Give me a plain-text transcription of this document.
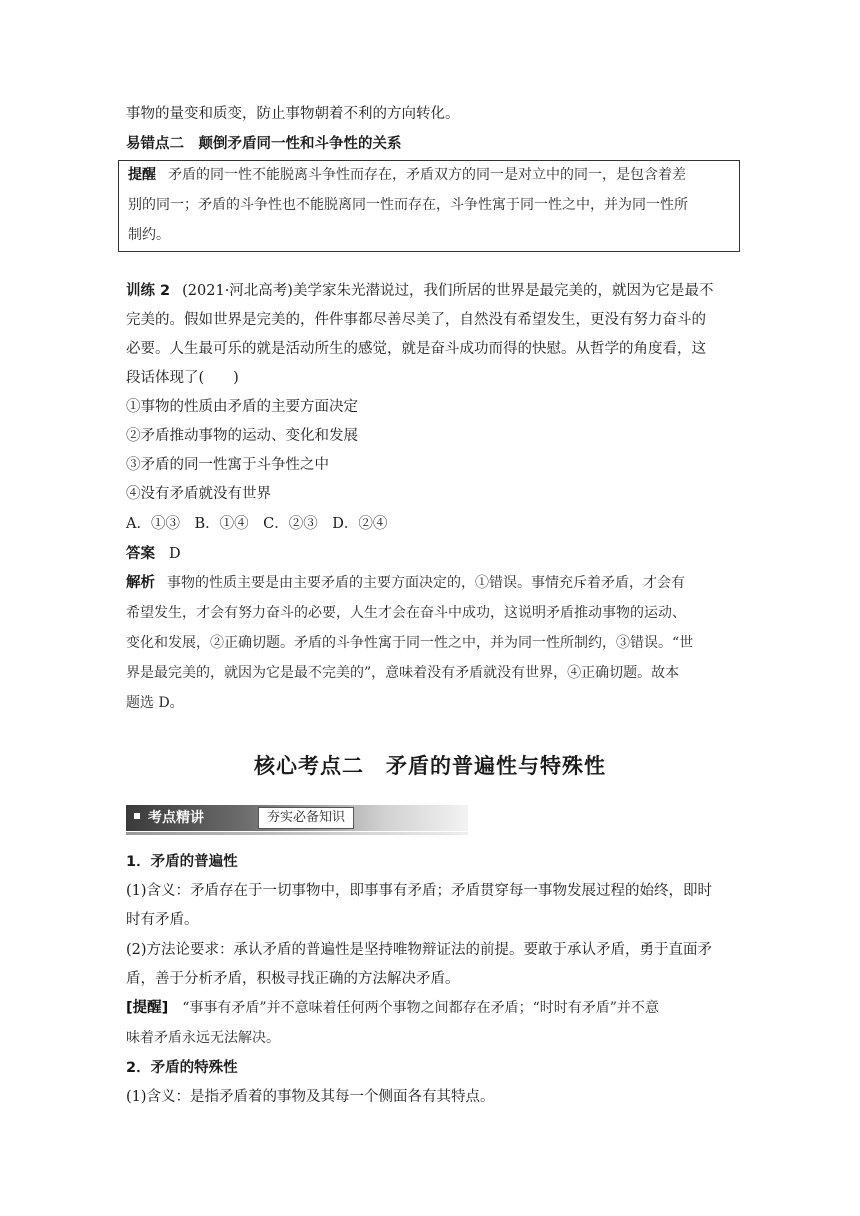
事物的量变和质变，防止事物朝着不利的方向转化。
易错点二　颠倒矛盾同一性和斗争性的关系
提醒 矛盾的同一性不能脱离斗争性而存在，矛盾双方的同一是对立中的同一，是包含着差
别的同一；矛盾的斗争性也不能脱离同一性而存在，斗争性寓于同一性之中，并为同一性所
制约。
训练 2 (2021·河北高考)美学家朱光潜说过，我们所居的世界是最完美的，就因为它是最不
完美的。假如世界是完美的，件件事都尽善尽美了，自然没有希望发生，更没有努力奋斗的
必要。人生最可乐的就是活动所生的感觉，就是奋斗成功而得的快慰。从哲学的角度看，这
段话体现了(　　)
①事物的性质由矛盾的主要方面决定
②矛盾推动事物的运动、变化和发展
③矛盾的同一性寓于斗争性之中
④没有矛盾就没有世界
A．①③　B．①④　C．②③　D．②④
答案 D
解析 事物的性质主要是由主要矛盾的主要方面决定的，①错误。事情充斥着矛盾，才会有
希望发生，才会有努力奋斗的必要，人生才会在奋斗中成功，这说明矛盾推动事物的运动、
变化和发展，②正确切题。矛盾的斗争性寓于同一性之中，并为同一性所制约，③错误。“世
界是最完美的，就因为它是最不完美的”，意味着没有矛盾就没有世界，④正确切题。故本
题选 D。
核心考点二　矛盾的普遍性与特殊性
考点精讲	夯实必备知识
1．矛盾的普遍性
(1)含义：矛盾存在于一切事物中，即事事有矛盾；矛盾贯穿每一事物发展过程的始终，即时
时有矛盾。
(2)方法论要求：承认矛盾的普遍性是坚持唯物辩证法的前提。要敢于承认矛盾，勇于直面矛
盾，善于分析矛盾，积极寻找正确的方法解决矛盾。
[提醒] “事事有矛盾”并不意味着任何两个事物之间都存在矛盾；“时时有矛盾”并不意
味着矛盾永远无法解决。
2．矛盾的特殊性
(1)含义：是指矛盾着的事物及其每一个侧面各有其特点。
